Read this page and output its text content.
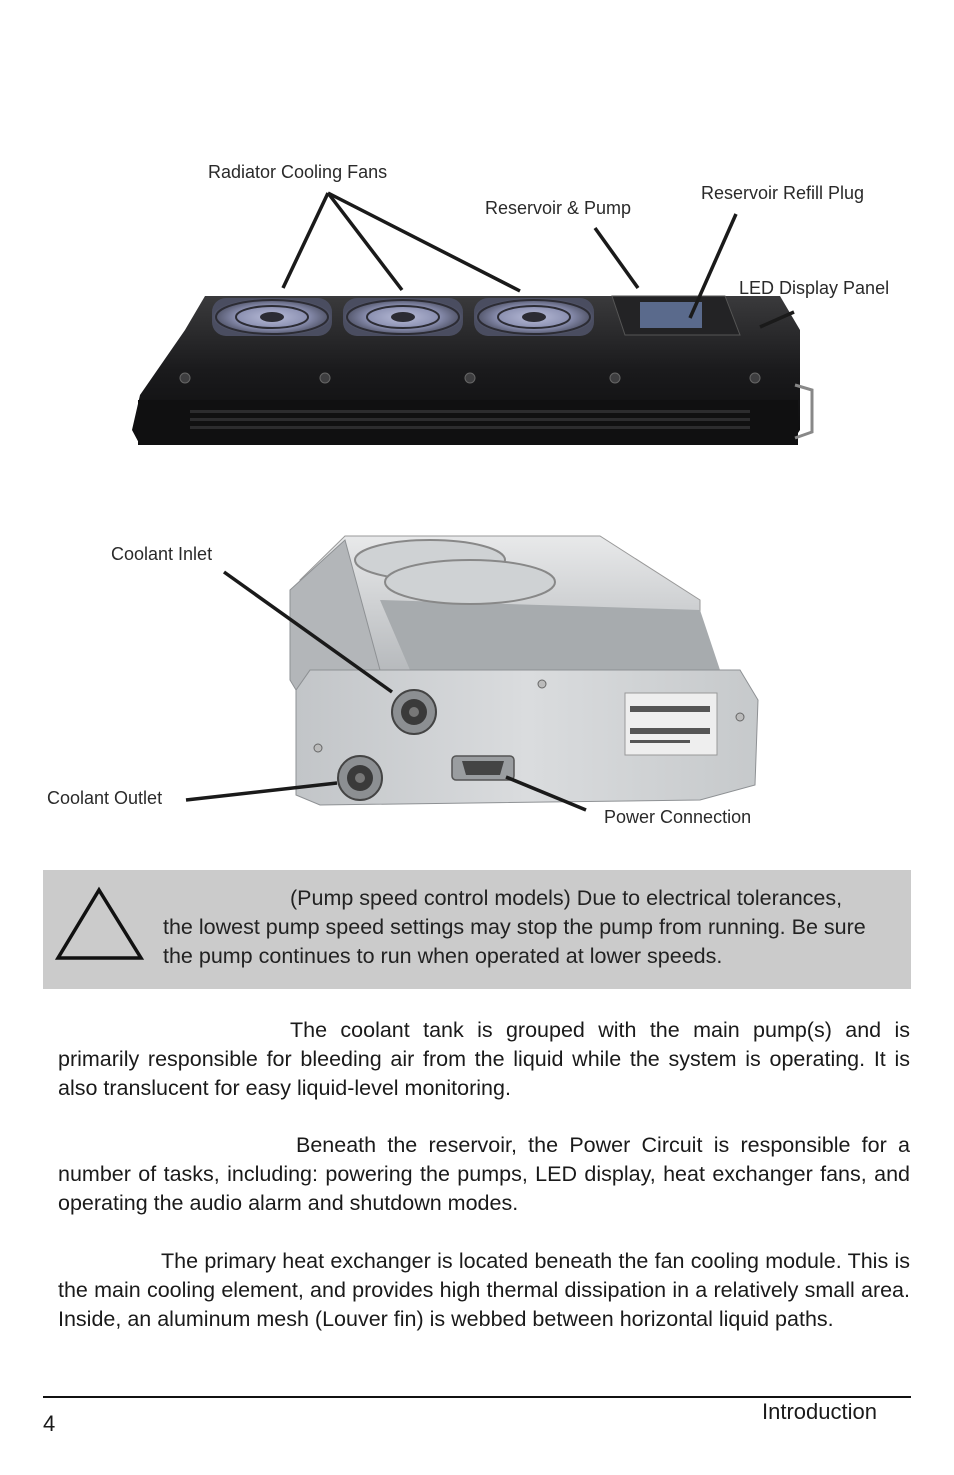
Radiator Cooling Fans
Reservoir & Pump
Reservoir Refill Plug
LED Display Panel
Coolant Inlet
Coolant Outlet
Power Connection
(Pump speed control models) Due to electrical tolerances,
the lowest pump speed settings may stop the pump from running. Be sure the pump continues to run when operated at lower speeds.

The coolant tank is grouped with the main pump(s) and is primarily responsible for bleeding air from the liquid while the system is operating. It is also translucent for easy liquid-level monitoring.

Beneath the reservoir, the Power Circuit is responsible for a number of tasks, including: powering the pumps, LED display, heat exchanger fans, and operating the audio alarm and shutdown modes.

The primary heat exchanger is located beneath the fan cooling module. This is the main cooling element, and provides high thermal dissipation in a relatively small area. Inside, an aluminum mesh (Louver fin) is webbed between horizontal liquid paths.

4	Introduction
